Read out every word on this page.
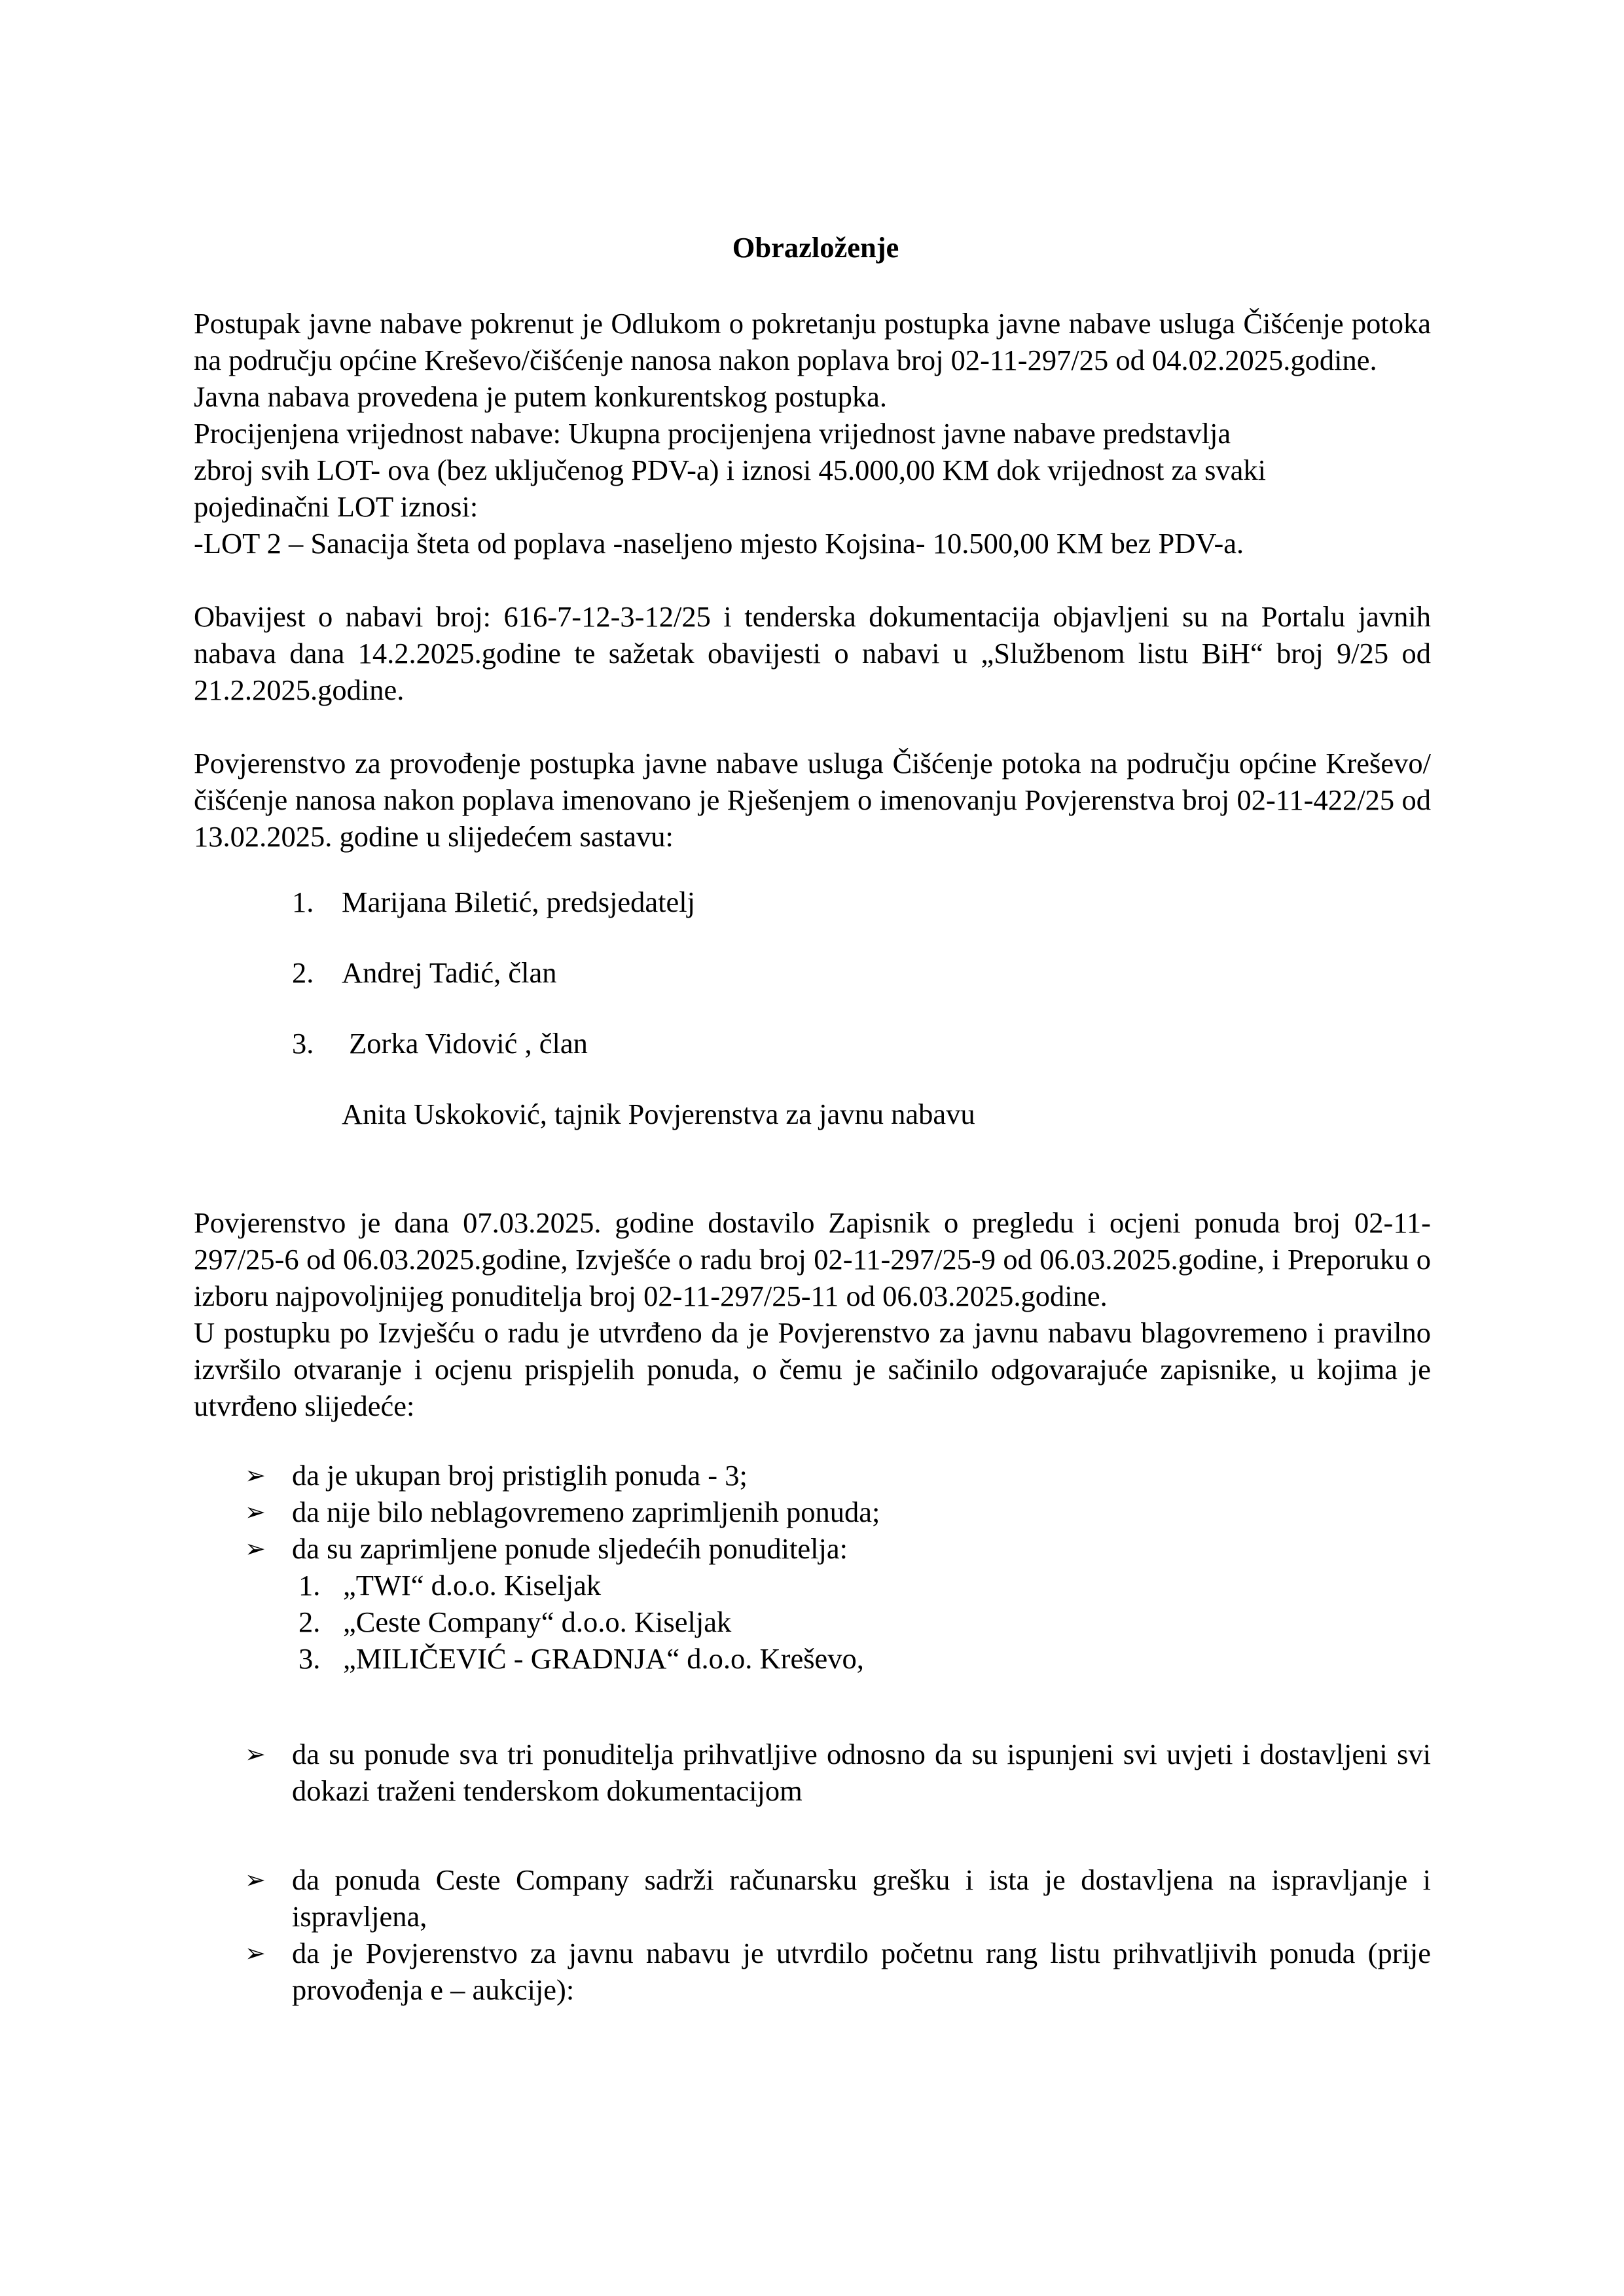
Obrazloženje

Postupak javne nabave pokrenut je Odlukom o pokretanju postupka javne nabave usluga Čišćenje potoka na području općine Kreševo/čišćenje nanosa nakon poplava broj 02-11-297/25 od 04.02.2025.godine.

Javna nabava provedena je putem konkurentskog postupka.

Procijenjena vrijednost nabave: Ukupna procijenjena vrijednost javne nabave predstavlja

zbroj svih LOT- ova (bez uključenog PDV-a) i iznosi 45.000,00 KM dok vrijednost za svaki

pojedinačni LOT iznosi:

-LOT 2 – Sanacija šteta od poplava -naseljeno mjesto Kojsina- 10.500,00 KM bez PDV-a.

Obavijest o nabavi broj: 616-7-12-3-12/25 i tenderska dokumentacija objavljeni su na Portalu javnih nabava dana 14.2.2025.godine te sažetak obavijesti o nabavi u „Službenom listu BiH“ broj 9/25 od 21.2.2025.godine.

Povjerenstvo za provođenje postupka javne nabave usluga Čišćenje potoka na području općine Kreševo/čišćenje nanosa nakon poplava imenovano je Rješenjem o imenovanju Povjerenstva broj 02-11-422/25 od 13.02.2025. godine u slijedećem sastavu:

1. Marijana Biletić, predsjedatelj
2. Andrej Tadić, član
3. Zorka Vidović , član

Anita Uskoković, tajnik Povjerenstva za javnu nabavu

Povjerenstvo je dana 07.03.2025. godine dostavilo Zapisnik o pregledu i ocjeni ponuda broj 02-11-297/25-6 od 06.03.2025.godine, Izvješće o radu broj 02-11-297/25-9 od 06.03.2025.godine, i Preporuku o izboru najpovoljnijeg ponuditelja broj 02-11-297/25-11 od 06.03.2025.godine.

U postupku po Izvješću o radu je utvrđeno da je Povjerenstvo za javnu nabavu blagovremeno i pravilno izvršilo otvaranje i ocjenu prispjelih ponuda, o čemu je sačinilo odgovarajuće zapisnike, u kojima je utvrđeno slijedeće:

➢ da je ukupan broj pristiglih ponuda - 3;
➢ da nije bilo neblagovremeno zaprimljenih ponuda;
➢ da su zaprimljene ponude sljedećih ponuditelja:
1. „TWI“ d.o.o. Kiseljak
2. „Ceste Company“ d.o.o. Kiseljak
3. „MILIČEVIĆ - GRADNJA“ d.o.o. Kreševo,
➢ da su ponude sva tri ponuditelja prihvatljive odnosno da su ispunjeni svi uvjeti i dostavljeni svi dokazi traženi tenderskom dokumentacijom
➢ da ponuda Ceste Company sadrži računarsku grešku i ista je dostavljena na ispravljanje i ispravljena,
➢ da je Povjerenstvo za javnu nabavu je utvrdilo početnu rang listu prihvatljivih ponuda (prije provođenja e – aukcije):
